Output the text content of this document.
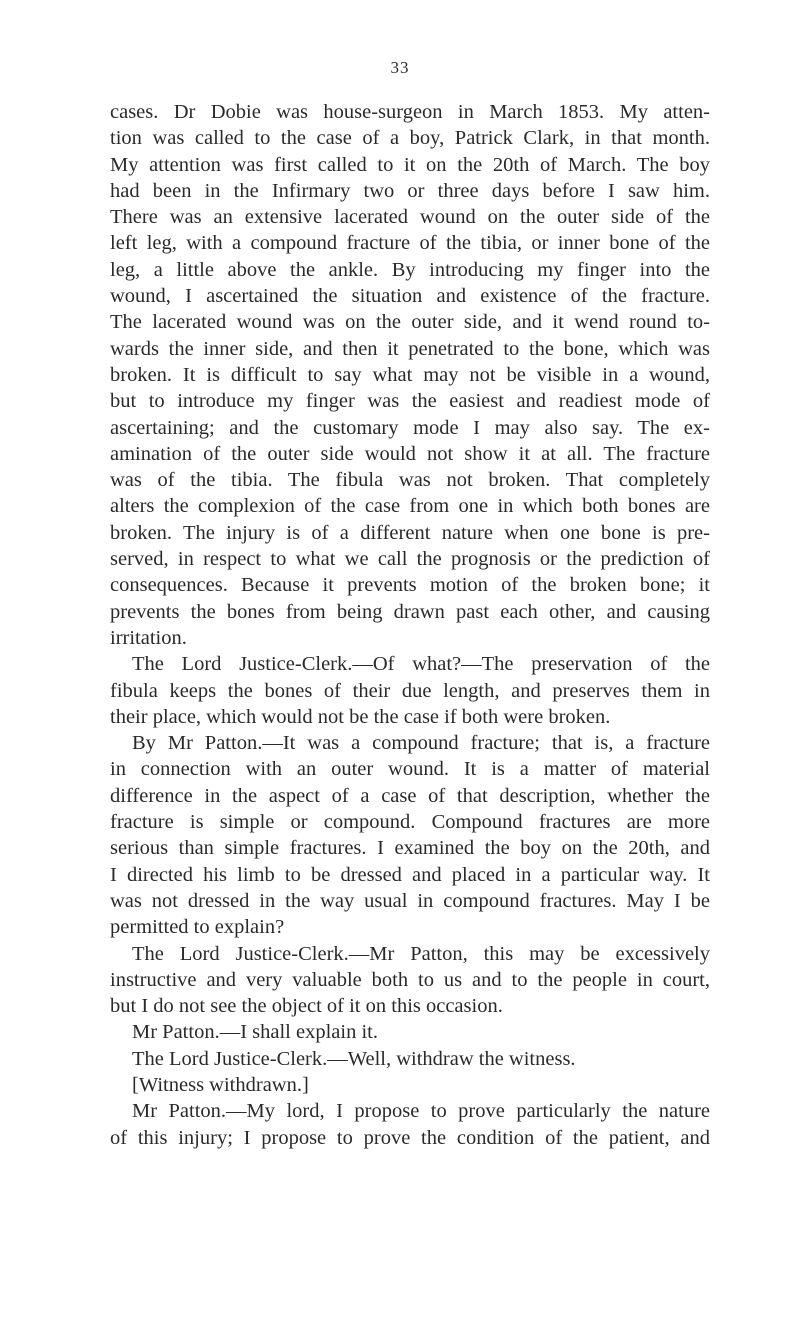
33
cases. Dr Dobie was house-surgeon in March 1853. My atten-
tion was called to the case of a boy, Patrick Clark, in that month.
My attention was first called to it on the 20th of March. The boy
had been in the Infirmary two or three days before I saw him.
There was an extensive lacerated wound on the outer side of the
left leg, with a compound fracture of the tibia, or inner bone of the
leg, a little above the ankle. By introducing my finger into the
wound, I ascertained the situation and existence of the fracture.
The lacerated wound was on the outer side, and it wend round to-
wards the inner side, and then it penetrated to the bone, which was
broken. It is difficult to say what may not be visible in a wound,
but to introduce my finger was the easiest and readiest mode of
ascertaining; and the customary mode I may also say. The ex-
amination of the outer side would not show it at all. The fracture
was of the tibia. The fibula was not broken. That completely
alters the complexion of the case from one in which both bones are
broken. The injury is of a different nature when one bone is pre-
served, in respect to what we call the prognosis or the prediction of
consequences. Because it prevents motion of the broken bone; it
prevents the bones from being drawn past each other, and causing
irritation.
The Lord Justice-Clerk.—Of what?—The preservation of the
fibula keeps the bones of their due length, and preserves them in
their place, which would not be the case if both were broken.
By Mr Patton.—It was a compound fracture; that is, a fracture
in connection with an outer wound. It is a matter of material
difference in the aspect of a case of that description, whether the
fracture is simple or compound. Compound fractures are more
serious than simple fractures. I examined the boy on the 20th, and
I directed his limb to be dressed and placed in a particular way. It
was not dressed in the way usual in compound fractures. May I be
permitted to explain?
The Lord Justice-Clerk.—Mr Patton, this may be excessively
instructive and very valuable both to us and to the people in court,
but I do not see the object of it on this occasion.
Mr Patton.—I shall explain it.
The Lord Justice-Clerk.—Well, withdraw the witness.
[Witness withdrawn.]
Mr Patton.—My lord, I propose to prove particularly the nature
of this injury; I propose to prove the condition of the patient, and
